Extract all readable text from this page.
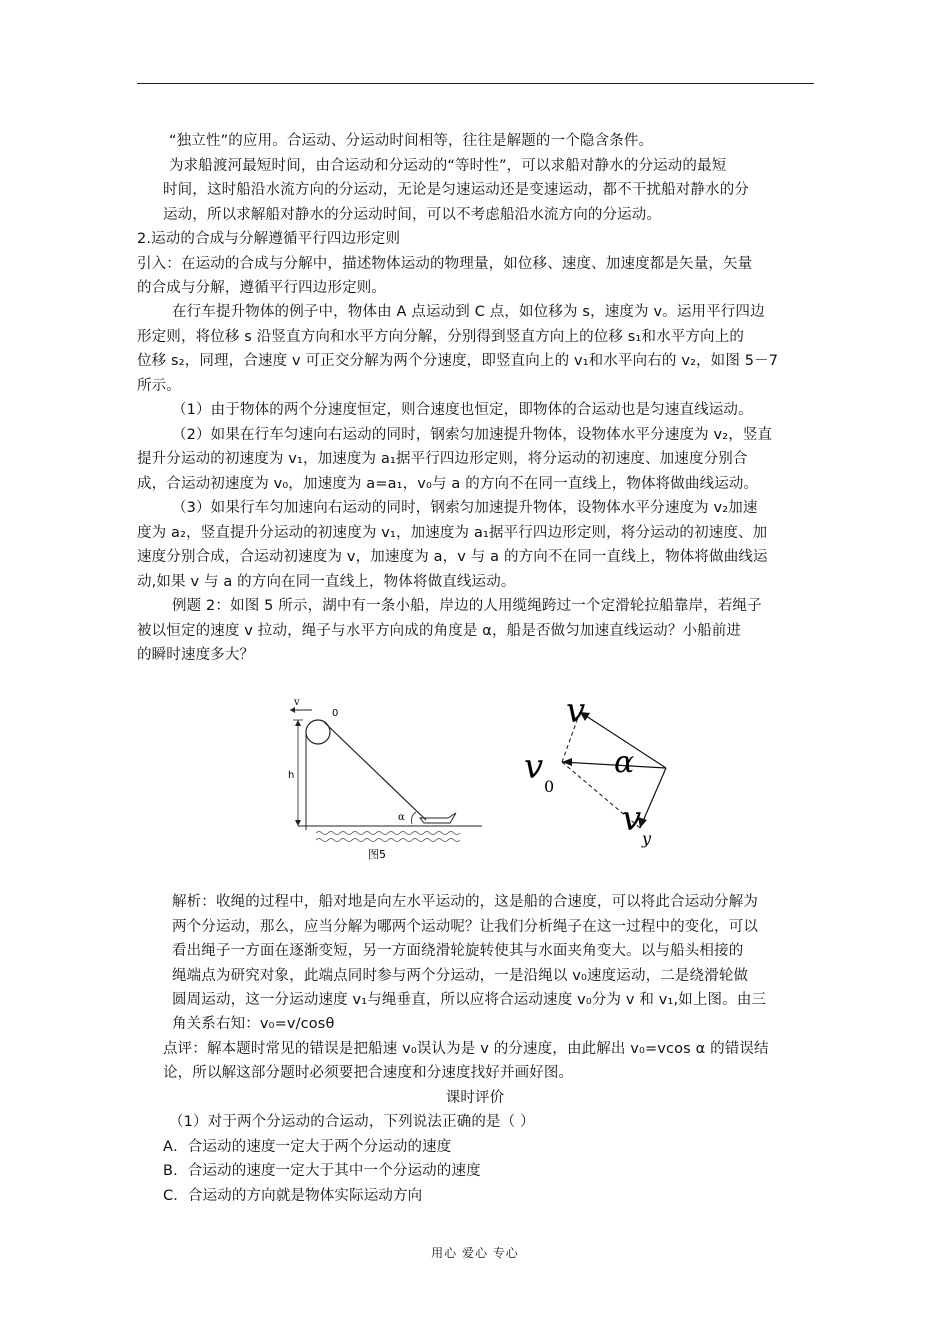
“独立性”的应用。合运动、分运动时间相等，往往是解题的一个隐含条件。
为求船渡河最短时间，由合运动和分运动的“等时性”，可以求船对静水的分运动的最短
时间，这时船沿水流方向的分运动，无论是匀速运动还是变速运动，都不干扰船对静水的分
运动，所以求解船对静水的分运动时间，可以不考虑船沿水流方向的分运动。
2.运动的合成与分解遵循平行四边形定则
引入：在运动的合成与分解中，描述物体运动的物理量，如位移、速度、加速度都是矢量，矢量
的合成与分解，遵循平行四边形定则。
在行车提升物体的例子中，物体由 A 点运动到 C 点，如位移为 s，速度为 v。运用平行四边
形定则，将位移 s 沿竖直方向和水平方向分解，分别得到竖直方向上的位移 s₁和水平方向上的
位移 s₂，同理，合速度 v 可正交分解为两个分速度，即竖直向上的 v₁和水平向右的 v₂，如图 5－7
所示。
（1）由于物体的两个分速度恒定，则合速度也恒定，即物体的合运动也是匀速直线运动。
（2）如果在行车匀速向右运动的同时，钢索匀加速提升物体，设物体水平分速度为 v₂，竖直
提升分运动的初速度为 v₁，加速度为 a₁据平行四边形定则，将分运动的初速度、加速度分别合
成，合运动初速度为 v₀，加速度为 a=a₁，v₀与 a 的方向不在同一直线上，物体将做曲线运动。
（3）如果行车匀加速向右运动的同时，钢索匀加速提升物体，设物体水平分速度为 v₂加速
度为 a₂，竖直提升分运动的初速度为 v₁，加速度为 a₁据平行四边形定则，将分运动的初速度、加
速度分别合成，合运动初速度为 v，加速度为 a，v 与 a 的方向不在同一直线上，物体将做曲线运
动,如果 v 与 a 的方向在同一直线上，物体将做直线运动。
例题 2：如图 5 所示，湖中有一条小船，岸边的人用缆绳跨过一个定滑轮拉船靠岸，若绳子
被以恒定的速度 v 拉动，绳子与水平方向成的角度是 α，船是否做匀加速直线运动？小船前进
的瞬时速度多大？
v
0
h
α
图5
v
v 0
α
v y
解析：收绳的过程中，船对地是向左水平运动的，这是船的合速度，可以将此合运动分解为
两个分运动，那么，应当分解为哪两个运动呢？让我们分析绳子在这一过程中的变化，可以
看出绳子一方面在逐渐变短，另一方面绕滑轮旋转使其与水面夹角变大。以与船头相接的
绳端点为研究对象，此端点同时参与两个分运动，一是沿绳以 v₀速度运动，二是绕滑轮做
圆周运动，这一分运动速度 v₁与绳垂直，所以应将合运动速度 v₀分为 v 和 v₁,如上图。由三
角关系右知：v₀=v/cosθ
点评：解本题时常见的错误是把船速 v₀误认为是 v 的分速度，由此解出 v₀=vcos α 的错误结
论，所以解这部分题时必须要把合速度和分速度找好并画好图。
课时评价
（1）对于两个分运动的合运动，下列说法正确的是（ ）
A．合运动的速度一定大于两个分运动的速度
B．合运动的速度一定大于其中一个分运动的速度
C．合运动的方向就是物体实际运动方向
用心 爱心 专心
